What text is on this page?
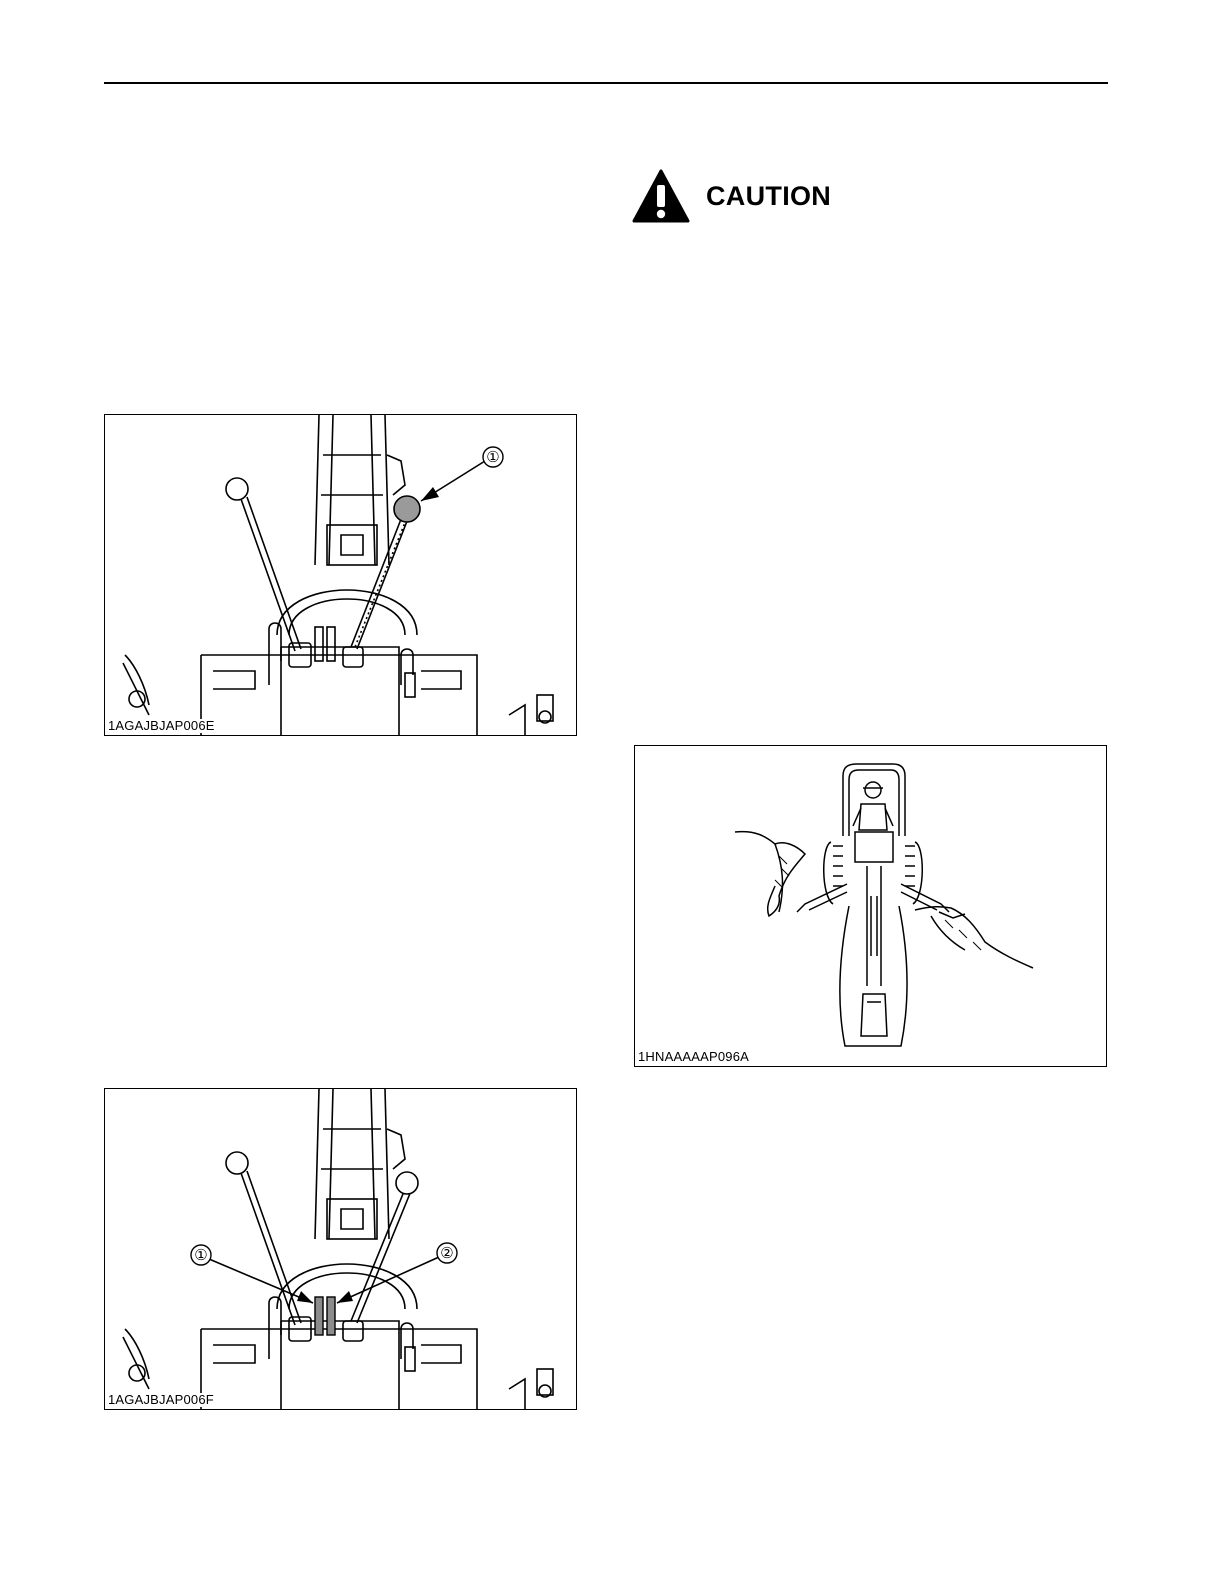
CAUTION
①
1AGAJBJAP006E
①	②
1AGAJBJAP006F
1HNAAAAAP096A
